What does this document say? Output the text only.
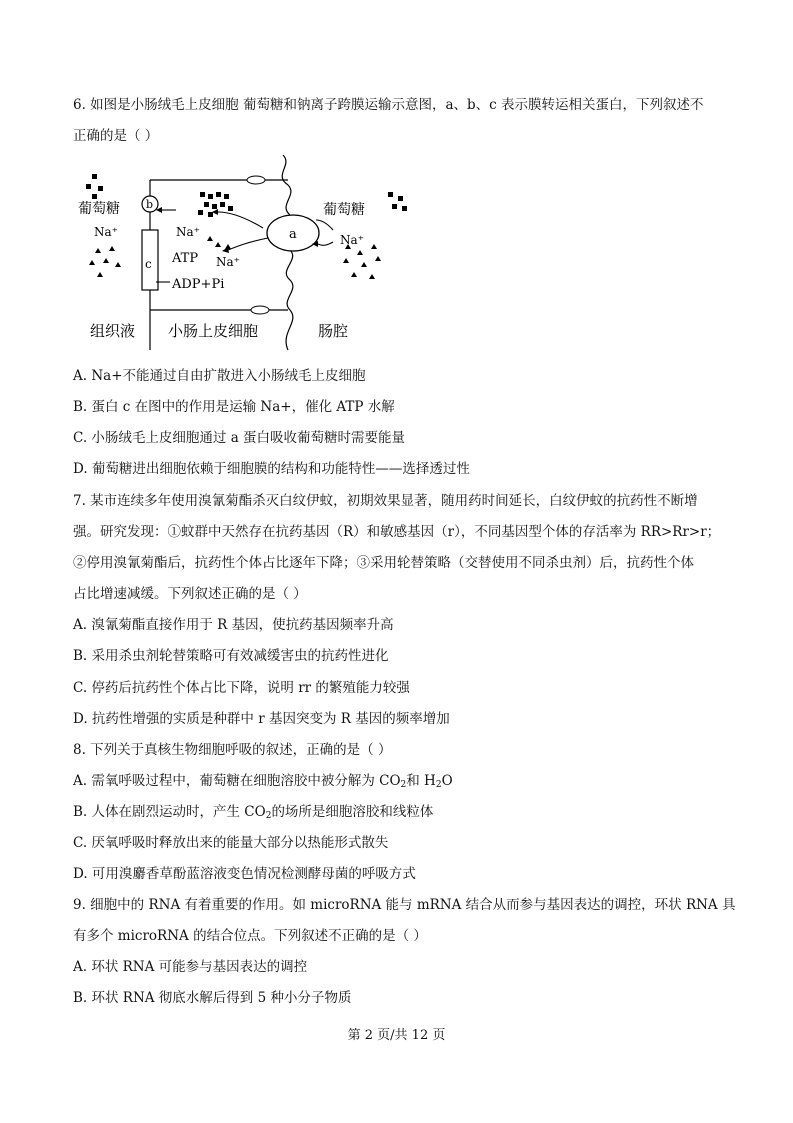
6. 如图是小肠绒毛上皮细胞 葡萄糖和钠离子跨膜运输示意图，a、b、c 表示膜转运相关蛋白，下列叙述不
正确的是（ ）
a
b
c
葡萄糖	葡萄糖
Na⁺	Na⁺
Na⁺
Na⁺
ATP
ADP+Pi
组织液 小肠上皮细胞	肠腔
A. Na+不能通过自由扩散进入小肠绒毛上皮细胞
B. 蛋白 c 在图中的作用是运输 Na+，催化 ATP 水解
C. 小肠绒毛上皮细胞通过 a 蛋白吸收葡萄糖时需要能量
D. 葡萄糖进出细胞依赖于细胞膜的结构和功能特性——选择透过性
7. 某市连续多年使用溴氰菊酯杀灭白纹伊蚊，初期效果显著，随用药时间延长，白纹伊蚊的抗药性不断增
强。研究发现：①蚊群中天然存在抗药基因（R）和敏感基因（r），不同基因型个体的存活率为 RR>Rr>r；
②停用溴氰菊酯后，抗药性个体占比逐年下降；③采用轮替策略（交替使用不同杀虫剂）后，抗药性个体
占比增速减缓。下列叙述正确的是（ ）
A. 溴氰菊酯直接作用于 R 基因，使抗药基因频率升高
B. 采用杀虫剂轮替策略可有效减缓害虫的抗药性进化
C. 停药后抗药性个体占比下降，说明 rr 的繁殖能力较强
D. 抗药性增强的实质是种群中 r 基因突变为 R 基因的频率增加
8. 下列关于真核生物细胞呼吸的叙述，正确的是（ ）
A. 需氧呼吸过程中，葡萄糖在细胞溶胶中被分解为 $CO_2$和 $H_2O$
B. 人体在剧烈运动时，产生 $CO_2$的场所是细胞溶胶和线粒体
C. 厌氧呼吸时释放出来的能量大部分以热能形式散失
D. 可用溴麝香草酚蓝溶液变色情况检测酵母菌的呼吸方式
9. 细胞中的 RNA 有着重要的作用。如 microRNA 能与 mRNA 结合从而参与基因表达的调控，环状 RNA 具
有多个 microRNA 的结合位点。下列叙述不正确的是（ ）
A. 环状 RNA 可能参与基因表达的调控
B. 环状 RNA 彻底水解后得到 5 种小分子物质
第 2 页/共 12 页
